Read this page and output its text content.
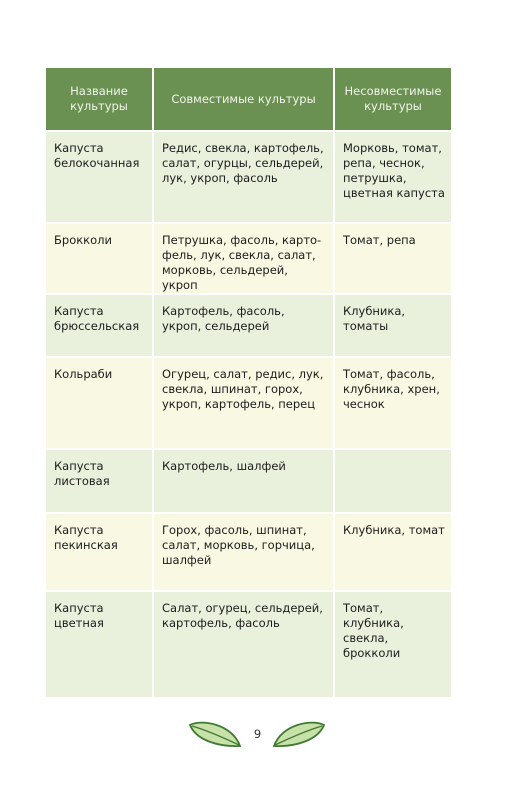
Название культуры	Совместимые культуры	Несовместимые культуры
Капуста белокочанная	Редис, свекла, картофель, салат, огурцы, сельдерей, лук, укроп, фасоль	Морковь, томат, репа, чеснок, петрушка, цветная капуста
Брокколи	Петрушка, фасоль, карто-фель, лук, свекла, салат, морковь, сельдерей, укроп	Томат, репа
Капуста брюссельская	Картофель, фасоль, укроп, сельдерей	Клубника, томаты
Кольраби	Огурец, салат, редис, лук, свекла, шпинат, горох, укроп, картофель, перец	Томат, фасоль, клубника, хрен, чеснок
Капуста листовая	Картофель, шалфей	
Капуста пекинская	Горох, фасоль, шпинат, салат, морковь, горчица, шалфей	Клубника, томат
Капуста цветная	Салат, огурец, сельдерей, картофель, фасоль	Томат, клубника, свекла, брокколи
9
